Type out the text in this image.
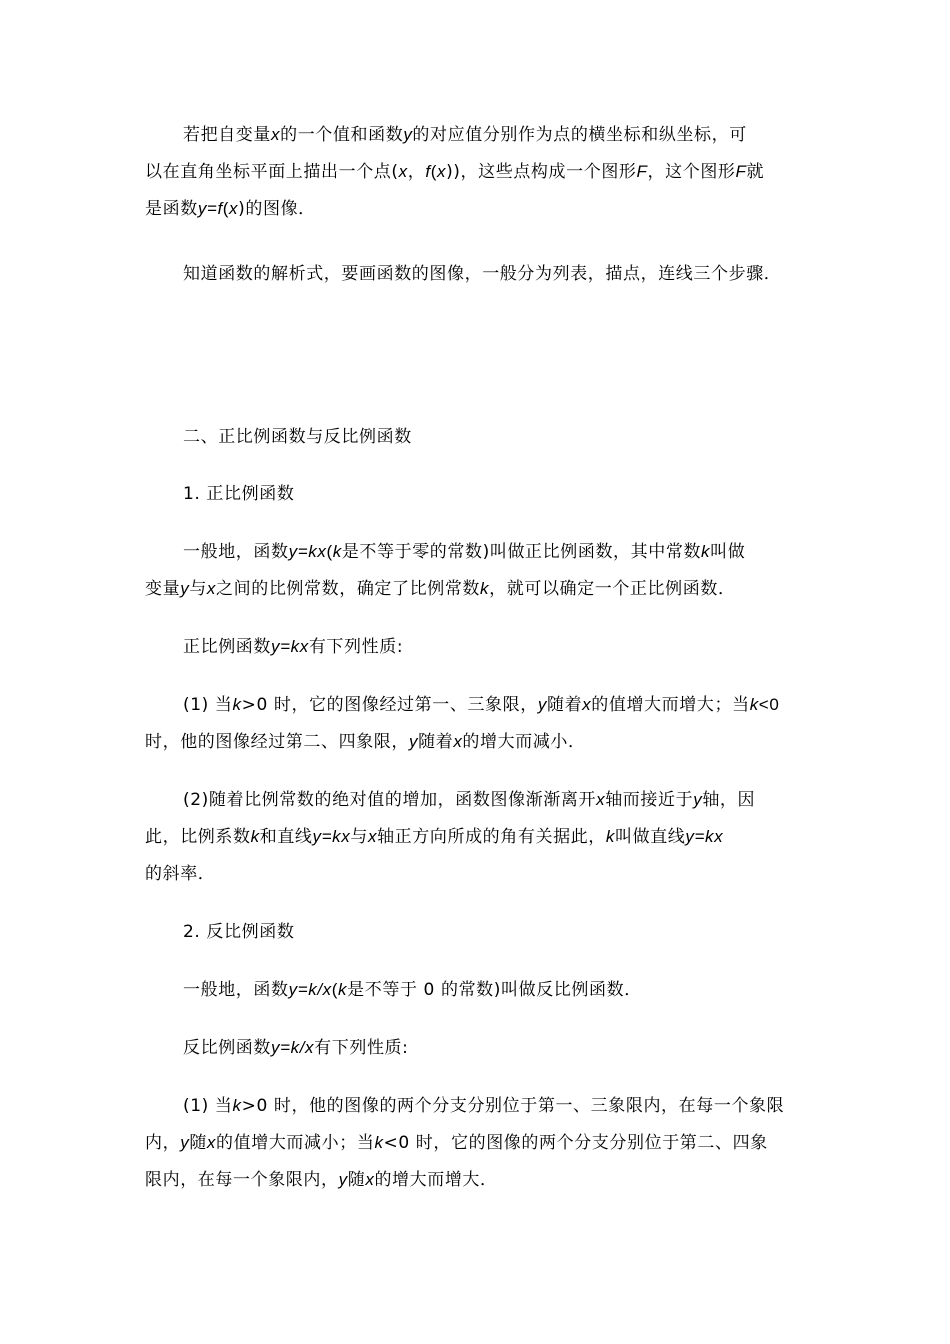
若把自变量x的一个值和函数y的对应值分别作为点的横坐标和纵坐标，可
以在直角坐标平面上描出一个点(x，f(x))，这些点构成一个图形F，这个图形F就
是函数y=f(x)的图像．
知道函数的解析式，要画函数的图像，一般分为列表，描点，连线三个步骤．
二、正比例函数与反比例函数
1. 正比例函数
一般地，函数y=kx(k是不等于零的常数)叫做正比例函数，其中常数k叫做
变量y与x之间的比例常数，确定了比例常数k，就可以确定一个正比例函数．
正比例函数y=kx有下列性质:
(1) 当k>0 时，它的图像经过第一、三象限，y随着x的值增大而增大；当k<0
时，他的图像经过第二、四象限，y随着x的增大而减小．
(2)随着比例常数的绝对值的增加，函数图像渐渐离开x轴而接近于y轴，因
此，比例系数k和直线y=kx与x轴正方向所成的角有关据此，k叫做直线y=kx
的斜率．
2. 反比例函数
一般地，函数y=k/x(k是不等于 0 的常数)叫做反比例函数．
反比例函数y=k/x有下列性质:
(1) 当k>0 时，他的图像的两个分支分别位于第一、三象限内，在每一个象限
内，y随x的值增大而减小；当k<0 时，它的图像的两个分支分别位于第二、四象
限内，在每一个象限内，y随x的增大而增大．
